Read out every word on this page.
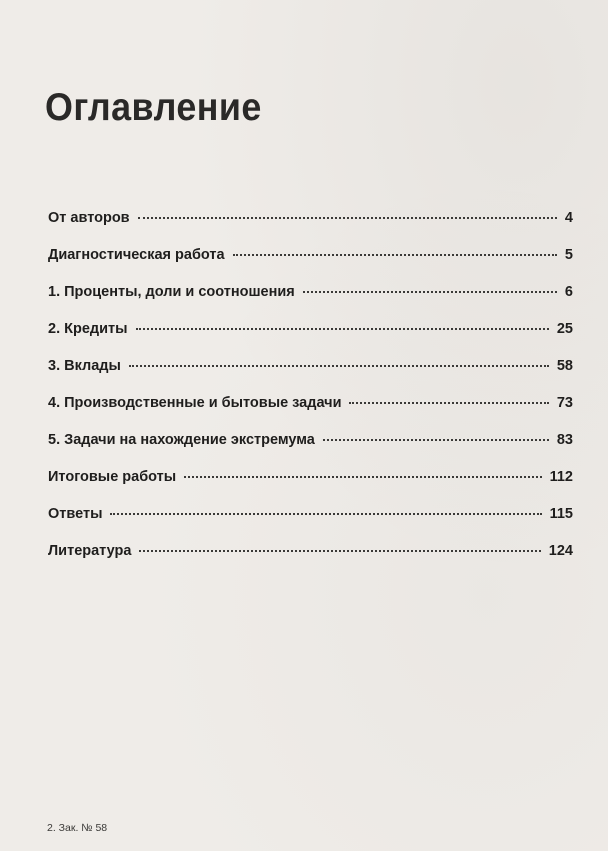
Оглавление
От авторов	4
Диагностическая работа	5
1. Проценты, доли и соотношения	6
2. Кредиты	25
3. Вклады	58
4. Производственные и бытовые задачи	73
5. Задачи на нахождение экстремума	83
Итоговые работы	112
Ответы	115
Литература	124
2. Зак. № 58
